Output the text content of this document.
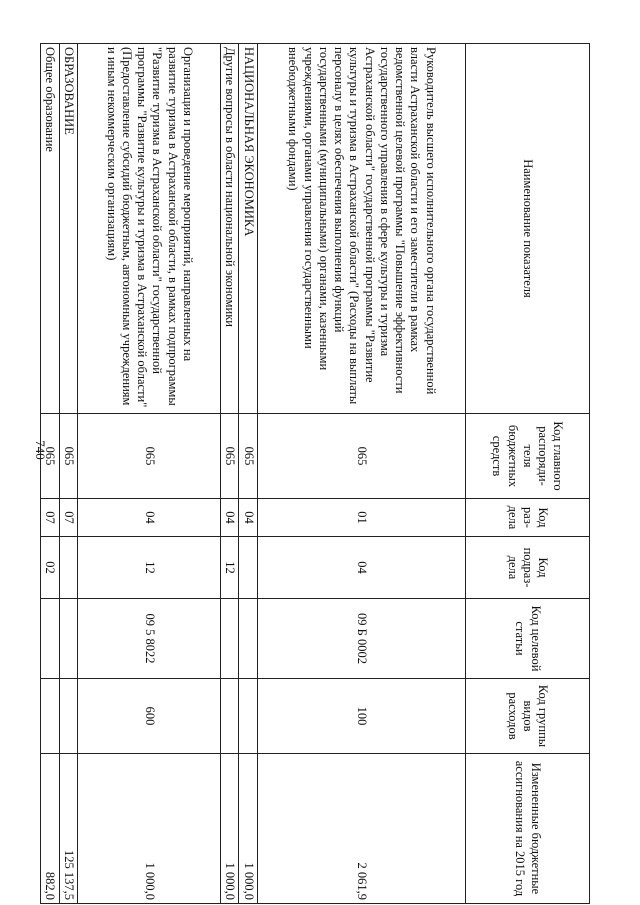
740
Наименование показателя	Код главного распоряди- теля бюджетных средств	Код раз- дела	Код подраз- дела	Код целевой статьи	Код группы видов расходов	Измененные бюджетные ассигнования на 2015 год
Руководитель высшего исполнительного органа государственной власти Астраханской области и его заместители в рамках ведомственной целевой программы "Повышение эффективности государственного управления в сфере культуры и туризма Астраханской области" государственной программы "Развитие культуры и туризма в Астраханской области" (Расходы на выплаты персоналу в целях обеспечения выполнения функций государственными (муниципальными) органами, казенными учреждениями, органами управления государственными внебюджетными фондами)	065	01	04	09 Б 0002	100	2 061,9
НАЦИОНАЛЬНАЯ ЭКОНОМИКА	065	04				1 000,0
Другие вопросы в области национальной экономики	065	04	12			1 000,0
Организация и проведение мероприятий, направленных на развитие туризма в Астраханской области, в рамках подпрограммы "Развитие туризма в Астраханской области" государственной программы "Развитие культуры и туризма в Астраханской области" (Предоставление субсидий бюджетным, автономным учреждениям и иным некоммерческим организациям)	065	04	12	09 5 8022	600	1 000,0
ОБРАЗОВАНИЕ	065	07				125 137,5
Общее образование	065	07	02			882,0
